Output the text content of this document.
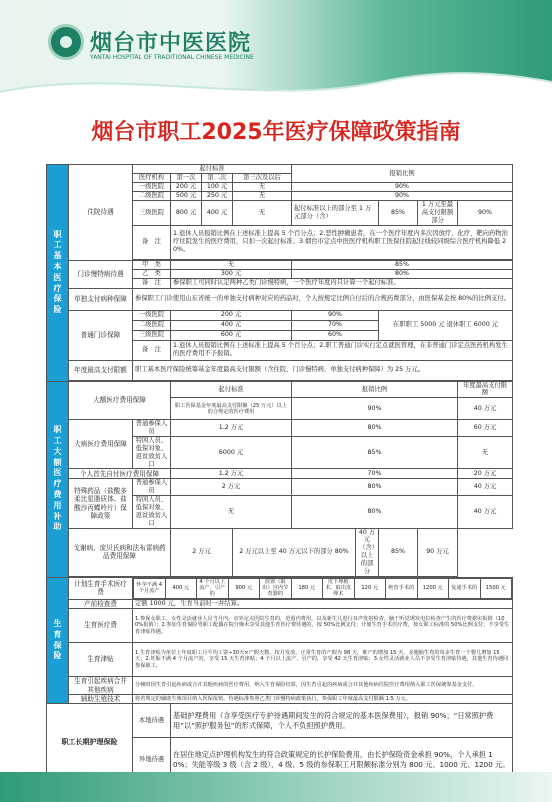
烟台市中医医院
YANTAI HOSPITAL OF TRADITIONAL CHINESE MEDICINE
烟台市职工2025年医疗保障政策指南
职工基本医疗保险	住院待遇	起付标准	报销比例
医疗机构	第一次	第二次	第三次及以后
一级医院	200 元	100 元	无	90%
二级医院	500 元	250 元	无	90%
三级医院	800 元	400 元	无	起付标准以上的部分至 1 万元部分（含）	85%	1 万元至最高支付限额部分	90%
备　注	1.退休人员报销比例在上述标准上提高 5 个百分点；2.恶性肿瘤患者，在一个医疗年度内多次因放疗、化疗、靶向药物治疗住院发生的医疗费用，只扣一次起付标准；3.烟台市定点中医医疗机构职工医保住院起付线较同级综合医疗机构降低 20%。

门诊慢特病待遇	甲　类	无	85%
乙　类	300 元	80%
备　注	参保职工可同时认定两种乙类门诊慢特病，一个医疗年度内只计算一个起付标准。
单独支付病种保障	参保职工门诊使用山东省统一的单独支付病种对应的药品时，个人按规定比例自付后的合规药费部分，由医保基金按 80%的比例支付。
普通门诊保障	一级医院	200 元	90%	在职职工 5000 元 退休职工 6000 元
二级医院	400 元	70%
三级医院	600 元	60%
备　注	1.退休人员报销比例在上述标准上提高 5 个百分点；2.职工普通门诊实行定点就医管理，在非普通门诊定点医药机构发生的医疗费用不予报销。
年度最高支付限额	职工基本医疗保险统筹基金年度最高支付限额（含住院、门诊慢特病、单独支付病种保障）为 25 万元。

职工大额医疗费用补助	大额医疗费用保障	起付标准	报销比例	年度最高支付限额
职工医保基金年度最高支付限额（25 万元）以上的合规定的医疗费用	90%	40 万元
大病医疗费用保障	普通参保人员	1.2 万元	80%	60 万元
特困人员、低保对象、返贫致贫人口	6000 元	85%	无
个人首先自付医疗费用保障	1.2 万元	70%	20 万元
特殊药品（盐酸多柔比星脂质体、盐酸沙丙蝶呤片）保障政策	普通参保人员	2 万元	80%	40 万元
特困人员、低保对象、返贫致贫人口	无	80%	40 万元
戈谢病、庞贝氏病和法布雷病药品费用保障	2 万元	2 万元以上至 40 万元以下的部分 80%	40 万元（含）以上的部分	85%	90 万元

生育保险	计划生育手术医疗费	
怀孕不满 4 个月流产	400 元	4 个月以上流产、引产的	900 元	放置（取出）宫内节育器的	180 元	皮下埋植术、取出皮埋术	120 元	绝育手术的	1200 元	复通手术的	1500 元

产前检查费	定额 1000 元，生育当前时一并结算。
生育医疗费	1.参保女职工、女性灵活就业人员当月内，市外定点医院生育的，范围内费用，以及新生儿进行耳声发射检查、脑干听觉诱发电位检查产生的医疗费据实报销（100%报销）；2.参加生育保险男职工配偶在院分娩未享受其他生育医疗费待遇的，按 50%比例支付；计划生育手术医疗费，按女职工标准的 50%比例支付；不享受生育津贴待遇。
生育津贴	1.生育津贴为单位上年度职工月平均工资÷30天×产假天数，按月发放。正常生育的产假为 98 天，难产的增加 15 天，多胞胎生育的每多生育一个婴儿增加 15 天；2.妊娠不满 4 个月流产的，享受 15 天生育津贴；4 个月以上流产、引产的，享受 42 天生育津贴；3.女性灵活就业人员不享受生育津贴待遇，其他生育待遇同参保职工。
生育引起疾病合并其他疾病	分娩时因生育引起疾病或合并其他疾病的医疗费用，纳入生育保险结算，因生育引起的疾病或合并其他疾病住院医疗费用纳入职工医保统筹基金支付。
辅助生殖技术	将省规定的辅助生殖项目纳入医保报销。待遇标准参照乙类门诊慢特病政策执行，参保职工年度最高支付限额 1.5 万元。
职工长期护理保险	本地待遇	基础护理费用（含享受医疗专护待遇期间发生的符合规定的基本医保费用），报销 90%；“日常照护费用”以“照护服务包”的形式保障，个人不负担照护费用。
异地待遇	在居住地定点护理机构发生的符合政策规定的长护保险费用，由长护保险资金承担 90%，个人承担 10%；失能等级 3 级（含 2 级），4 级、5 级的参保职工月限额标准分别为 800 元、1000 元、1200 元。
